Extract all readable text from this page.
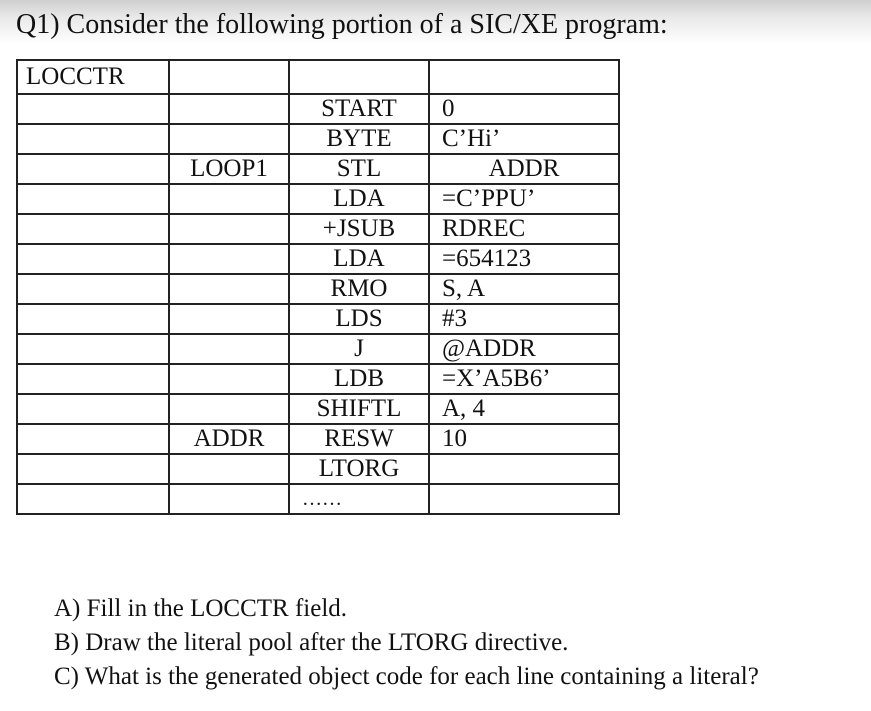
Q1) Consider the following portion of a SIC/XE program:
LOCCTR			
		START	0
		BYTE	C’Hi’
	LOOP1	STL	ADDR
		LDA	=C’PPU’
		+JSUB	RDREC
		LDA	=654123
		RMO	S, A
		LDS	#3
		J	@ADDR
		LDB	=X’A5B6’
		SHIFTL	A, 4
	ADDR	RESW	10
		LTORG	
		……	
A) Fill in the LOCCTR field.
B) Draw the literal pool after the LTORG directive.
C) What is the generated object code for each line containing a literal?
